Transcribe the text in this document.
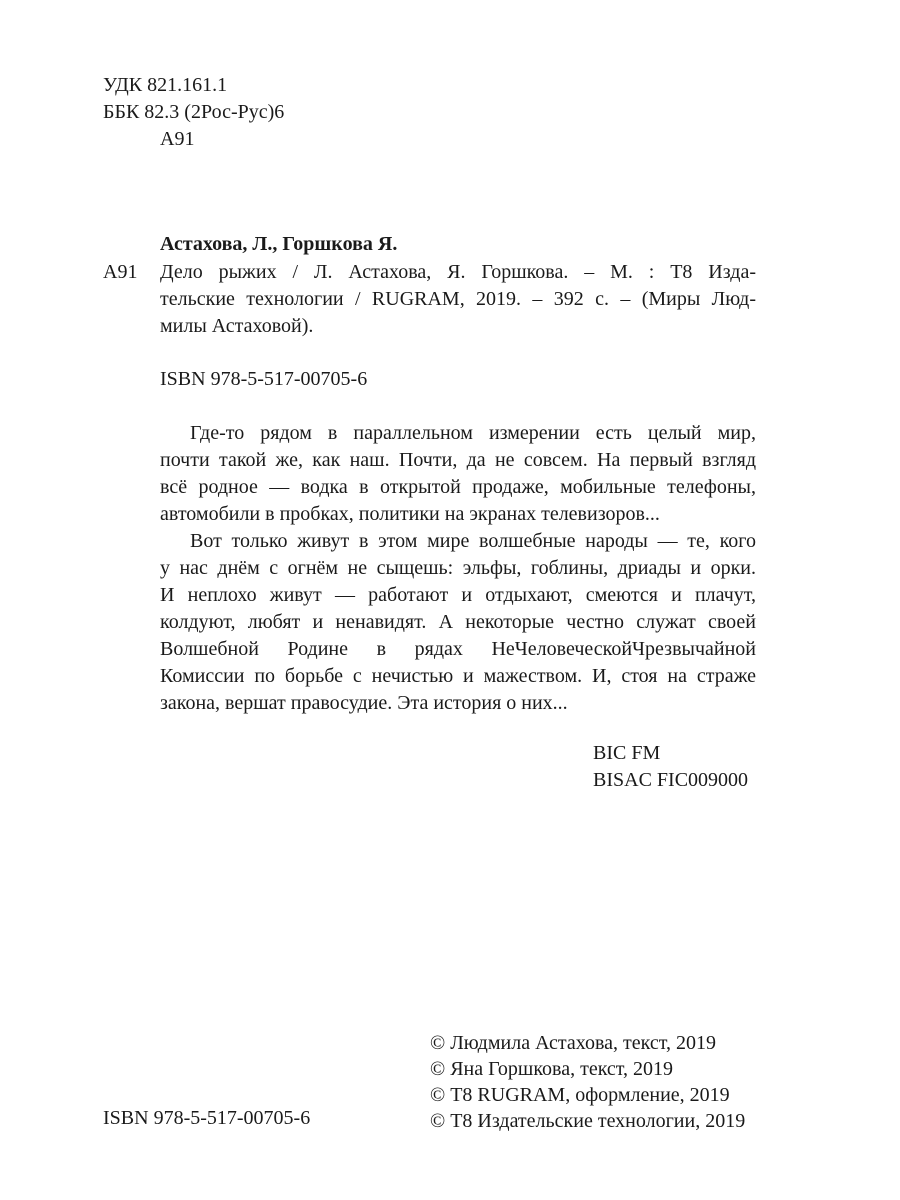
УДК 821.161.1
ББК 82.3 (2Рос-Рус)6
А91
Астахова, Л., Горшкова Я.
А91 Дело рыжих / Л. Астахова, Я. Горшкова. – М. : Т8 Изда-
тельские технологии / RUGRAM, 2019. – 392 с. – (Миры Люд-
милы Астаховой).
ISBN 978-5-517-00705-6
Где-то рядом в параллельном измерении есть целый мир,
почти такой же, как наш. Почти, да не совсем. На первый взгляд
всё родное — водка в открытой продаже, мобильные телефоны,
автомобили в пробках, политики на экранах телевизоров...
Вот только живут в этом мире волшебные народы — те, кого
у нас днём с огнём не сыщешь: эльфы, гоблины, дриады и орки.
И неплохо живут — работают и отдыхают, смеются и плачут,
колдуют, любят и ненавидят. А некоторые честно служат своей
Волшебной Родине в рядах НеЧеловеческойЧрезвычайной
Комиссии по борьбе с нечистью и мажеством. И, стоя на страже
закона, вершат правосудие. Эта история о них...
BIC FM
BISAC FIC009000
© Людмила Астахова, текст, 2019
© Яна Горшкова, текст, 2019
© Т8 RUGRAM, оформление, 2019
© Т8 Издательские технологии, 2019
ISBN 978-5-517-00705-6
